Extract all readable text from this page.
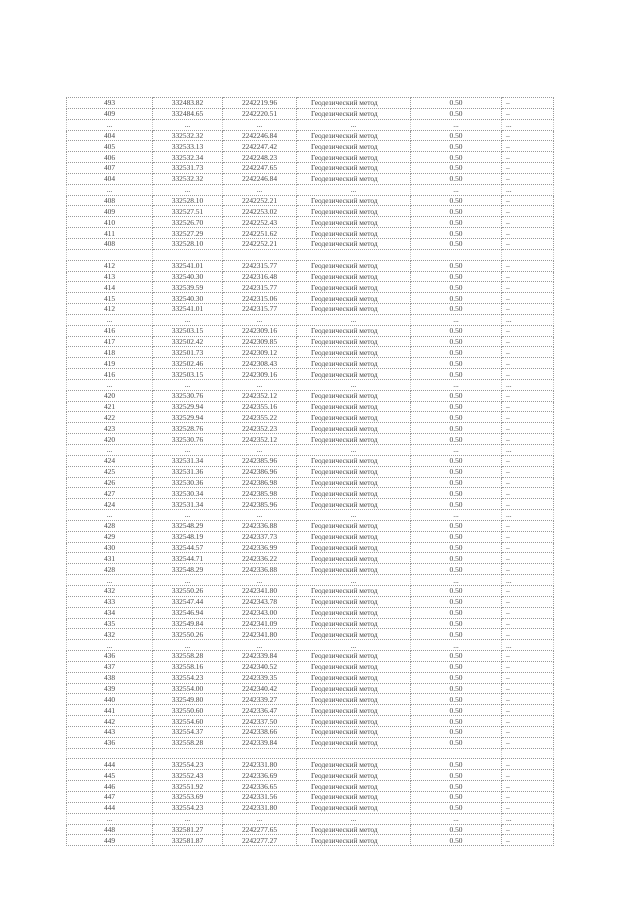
493	332483.82	2242219.96	Геодезический метод	0.50	–
409	332484.65	2242220.51	Геодезический метод	0.50	–
...	...	...	...	...	...
404	332532.32	2242246.84	Геодезический метод	0.50	–
405	332533.13	2242247.42	Геодезический метод	0.50	–
406	332532.34	2242248.23	Геодезический метод	0.50	–
407	332531.73	2242247.65	Геодезический метод	0.50	–
404	332532.32	2242246.84	Геодезический метод	0.50	–
...	...	...	...	...	...
408	332528.10	2242252.21	Геодезический метод	0.50	–
409	332527.51	2242253.02	Геодезический метод	0.50	–
410	332526.70	2242252.43	Геодезический метод	0.50	–
411	332527.29	2242251.62	Геодезический метод	0.50	–
408	332528.10	2242252.21	Геодезический метод	0.50	–

412	332541.01	2242315.77	Геодезический метод	0.50	–
413	332540.30	2242316.48	Геодезический метод	0.50	–
414	332539.59	2242315.77	Геодезический метод	0.50	–
415	332540.30	2242315.06	Геодезический метод	0.50	–
412	332541.01	2242315.77	Геодезический метод	0.50	–
...	...	...	...	...	...
416	332503.15	2242309.16	Геодезический метод	0.50	–
417	332502.42	2242309.85	Геодезический метод	0.50	–
418	332501.73	2242309.12	Геодезический метод	0.50	–
419	332502.46	2242308.43	Геодезический метод	0.50	–
416	332503.15	2242309.16	Геодезический метод	0.50	–
...	...	...	...	...	...
420	332530.76	2242352.12	Геодезический метод	0.50	–
421	332529.94	2242355.16	Геодезический метод	0.50	–
422	332529.94	2242355.22	Геодезический метод	0.50	–
423	332528.76	2242352.23	Геодезический метод	0.50	–
420	332530.76	2242352.12	Геодезический метод	0.50	–
...	...	...	...	...	...
424	332531.34	2242385.96	Геодезический метод	0.50	–
425	332531.36	2242386.96	Геодезический метод	0.50	–
426	332530.36	2242386.98	Геодезический метод	0.50	–
427	332530.34	2242385.98	Геодезический метод	0.50	–
424	332531.34	2242385.96	Геодезический метод	0.50	–
...	...	...	...	...	...
428	332548.29	2242336.88	Геодезический метод	0.50	–
429	332548.19	2242337.73	Геодезический метод	0.50	–
430	332544.57	2242336.99	Геодезический метод	0.50	–
431	332544.71	2242336.22	Геодезический метод	0.50	–
428	332548.29	2242336.88	Геодезический метод	0.50	–
...	...	...	...	...	...
432	332550.26	2242341.80	Геодезический метод	0.50	–
433	332547.44	2242343.78	Геодезический метод	0.50	–
434	332546.94	2242343.00	Геодезический метод	0.50	–
435	332549.84	2242341.09	Геодезический метод	0.50	–
432	332550.26	2242341.80	Геодезический метод	0.50	–
...	...	...	...	...	...
436	332558.28	2242339.84	Геодезический метод	0.50	–
437	332558.16	2242340.52	Геодезический метод	0.50	–
438	332554.23	2242339.35	Геодезический метод	0.50	–
439	332554.00	2242340.42	Геодезический метод	0.50	–
440	332549.80	2242339.27	Геодезический метод	0.50	–
441	332550.60	2242336.47	Геодезический метод	0.50	–
442	332554.60	2242337.50	Геодезический метод	0.50	–
443	332554.37	2242338.66	Геодезический метод	0.50	–
436	332558.28	2242339.84	Геодезический метод	0.50	–

444	332554.23	2242331.80	Геодезический метод	0.50	–
445	332552.43	2242336.69	Геодезический метод	0.50	–
446	332551.92	2242336.65	Геодезический метод	0.50	–
447	332553.69	2242331.56	Геодезический метод	0.50	–
444	332554.23	2242331.80	Геодезический метод	0.50	–
...	...	...	...	...	...
448	332581.27	2242277.65	Геодезический метод	0.50	–
449	332581.87	2242277.27	Геодезический метод	0.50	–
